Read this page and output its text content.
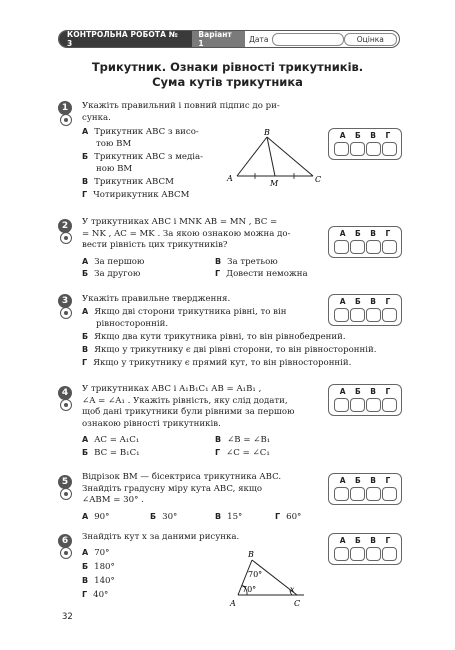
КОНТРОЛЬНА РОБОТА № 3
Варіант 1	Дата	Оцінка
Трикутник. Ознаки рівності трикутників.
Сума кутів трикутника
1	Укажіть правильний і повний підпис до ри-
сунка.
А Трикутник ABC з висо-
тою BM
Б Трикутник ABC з медіа-
ною BM
В Трикутник ABCM
Г Чотирикутник ABCM
B
A
M	C
А Б В Г
2	У трикутниках ABC і MNK AB = MN , BC =
= NK , AC = MK . За якою ознакою можна до-
вести рівність цих трикутників?
А За першою	В За третьою
Б За другою	Г Довести неможна
А Б В Г
3	Укажіть правильне твердження.
А Якщо дві сторони трикутника рівні, то він
рівносторонній.
Б Якщо два кути трикутника рівні, то він рівнобедрений.
В Якщо у трикутнику є дві рівні сторони, то він рівносторонній.
Г Якщо у трикутнику є прямий кут, то він рівносторонній.
А Б В Г
4	У трикутниках ABC і A₁B₁C₁ AB = A₁B₁ ,
∠A = ∠A₁ . Укажіть рівність, яку слід додати,
щоб дані трикутники були рівними за першою
ознакою рівності трикутників.
А AC = A₁C₁	В ∠B = ∠B₁
Б BC = B₁C₁	Г ∠C = ∠C₁
А Б В Г
5	Відрізок BM — бісектриса трикутника ABC.
Знайдіть градусну міру кута ABC, якщо
∠ABM = 30° .
А 90°	Б 30°	В 15°	Г 60°
А Б В Г
6	Знайдіть кут x за даними рисунка.
А 70°
Б 180°
В 140°
Г 40°
B
70°
70°	x
A	C
А Б В Г
32
